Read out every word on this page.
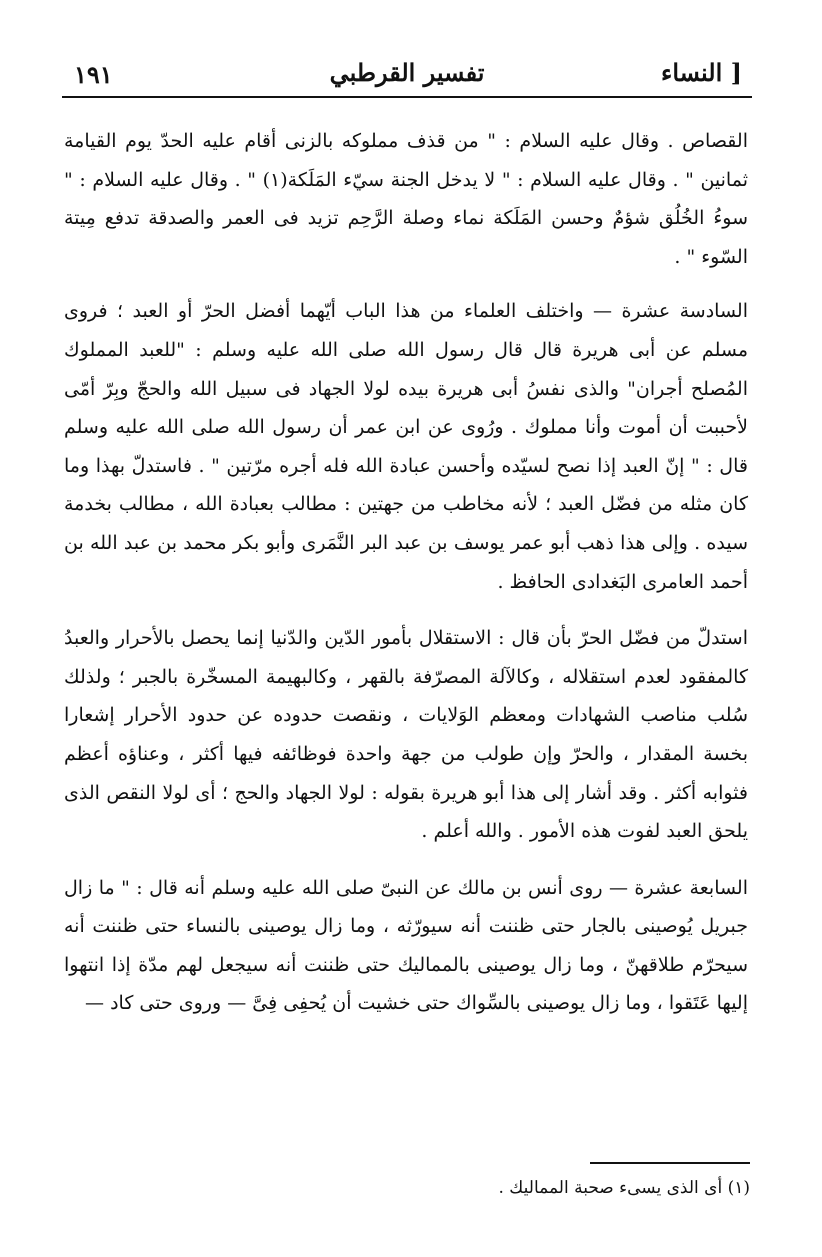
١٩١	تفسير القرطبي	النساء ]

القصاص . وقال عليه السلام : " من قذف مملوكه بالزنى أقام عليه الحدّ يوم القيامة ثمانين " . وقال عليه السلام : " لا يدخل الجنة سيّء المَلَكة(١) " . وقال عليه السلام : " سوءُ الخُلُق شؤمٌ وحسن المَلَكة نماء وصلة الرَّحِم تزيد فى العمر والصدقة تدفع مِيتة السّوء " .

السادسة عشرة — واختلف العلماء من هذا الباب أيّهما أفضل الحرّ أو العبد ؛ فروى مسلم عن أبى هريرة قال قال رسول الله صلى الله عليه وسلم : "للعبد المملوك المُصلح أجران" والذى نفسُ أبى هريرة بيده لولا الجهاد فى سبيل الله والحجّ وبِرّ أمّى لأحببت أن أموت وأنا مملوك . ورُوى عن ابن عمر أن رسول الله صلى الله عليه وسلم قال : " إنّ العبد إذا نصح لسيّده وأحسن عبادة الله فله أجره مرّتين " . فاستدلّ بهذا وما كان مثله من فضّل العبد ؛ لأنه مخاطب من جهتين : مطالب بعبادة الله ، مطالب بخدمة سيده . وإلى هذا ذهب أبو عمر يوسف بن عبد البر النَّمَرى وأبو بكر محمد بن عبد الله بن أحمد العامرى البَغدادى الحافظ .

استدلّ من فضّل الحرّ بأن قال : الاستقلال بأمور الدّين والدّنيا إنما يحصل بالأحرار والعبدُ كالمفقود لعدم استقلاله ، وكالآلة المصرّفة بالقهر ، وكالبهيمة المسخّرة بالجبر ؛ ولذلك سُلب مناصب الشهادات ومعظم الوَلايات ، ونقصت حدوده عن حدود الأحرار إشعارا بخسة المقدار ، والحرّ وإن طولب من جهة واحدة فوظائفه فيها أكثر ، وعناؤه أعظم فثوابه أكثر . وقد أشار إلى هذا أبو هريرة بقوله : لولا الجهاد والحج ؛ أى لولا النقص الذى يلحق العبد لفوت هذه الأمور . والله أعلم .

السابعة عشرة — روى أنس بن مالك عن النبىّ صلى الله عليه وسلم أنه قال : " ما زال جبريل يُوصينى بالجار حتى ظننت أنه سيورّثه ، وما زال يوصينى بالنساء حتى ظننت أنه سيحرّم طلاقهنّ ، وما زال يوصينى بالمماليك حتى ظننت أنه سيجعل لهم مدّة إذا انتهوا إليها عَتَقوا ، وما زال يوصينى بالسِّواك حتى خشيت أن يُحفِى فِىَّ — وروى حتى كاد —

(١) أى الذى يسىء صحبة المماليك .
